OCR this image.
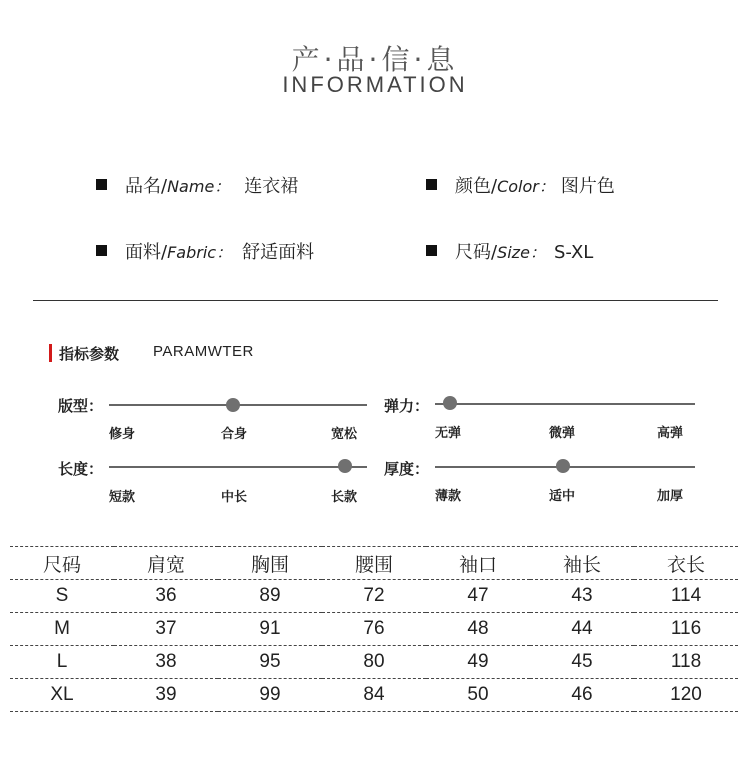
产·品·信·息
INFORMATION
品名/Name： 连衣裙	颜色/Color： 图片色
面料/Fabric： 舒适面料	尺码/Size： S-XL
指标参数 PARAMWTER
版型：
修身	合身	宽松
弹力：
无弹	微弹	高弹
长度：
短款	中长	长款
厚度：
薄款	适中	加厚
尺码	肩宽	胸围	腰围	袖口	袖长	衣长
S	36	89	72	47	43	114
M	37	91	76	48	44	116
L	38	95	80	49	45	118
XL	39	99	84	50	46	120
